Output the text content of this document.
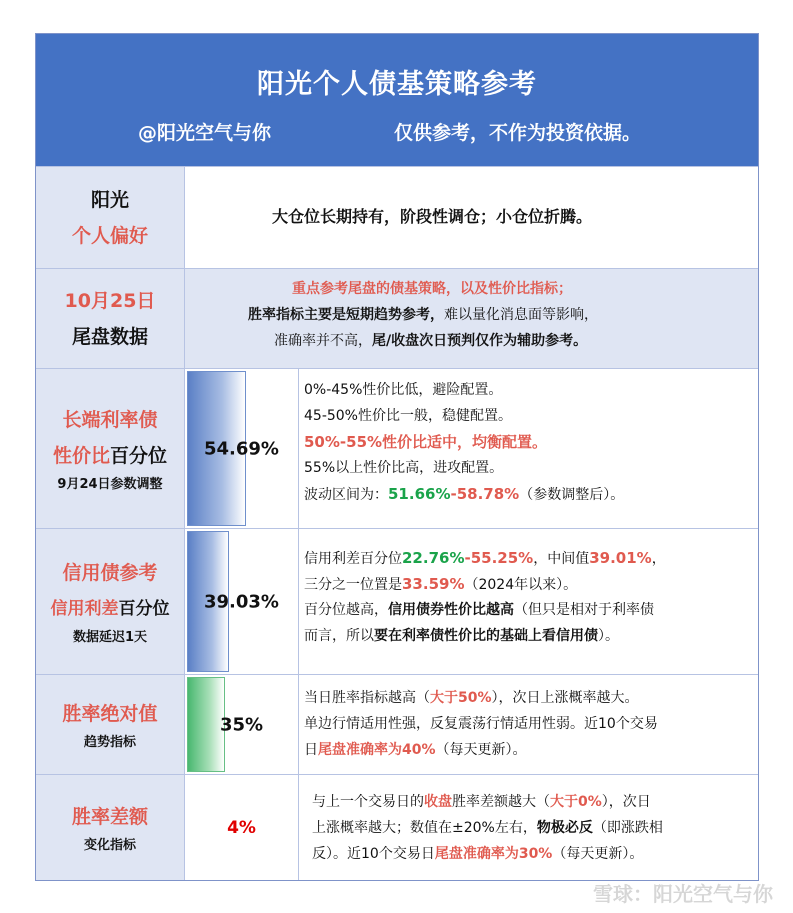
阳光个人债基策略参考
@阳光空气与你	仅供参考，不作为投资依据。
阳光
个人偏好
大仓位长期持有，阶段性调仓；小仓位折腾。
10月25日
尾盘数据
重点参考尾盘的债基策略，以及性价比指标；
胜率指标主要是短期趋势参考，难以量化消息面等影响，
准确率并不高，尾/收盘次日预判仅作为辅助参考。
长端利率债
性价比百分位
9月24日参数调整
54.69%
0%-45%性价比低，避险配置。
45-50%性价比一般，稳健配置。
50%-55%性价比适中，均衡配置。
55%以上性价比高，进攻配置。
波动区间为：51.66%-58.78%（参数调整后）。
信用债参考
信用利差百分位
数据延迟1天
39.03%
信用利差百分位22.76%-55.25%，中间值39.01%，
三分之一位置是33.59%（2024年以来）。
百分位越高，信用债券性价比越高（但只是相对于利率债
而言，所以要在利率债性价比的基础上看信用债）。
胜率绝对值
趋势指标
35%
当日胜率指标越高（大于50%），次日上涨概率越大。
单边行情适用性强，反复震荡行情适用性弱。近10个交易
日尾盘准确率为40%（每天更新）。
胜率差额
变化指标
4%
与上一个交易日的收盘胜率差额越大（大于0%），次日
上涨概率越大；数值在±20%左右，物极必反（即涨跌相
反）。近10个交易日尾盘准确率为30%（每天更新）。
雪球：阳光空气与你
